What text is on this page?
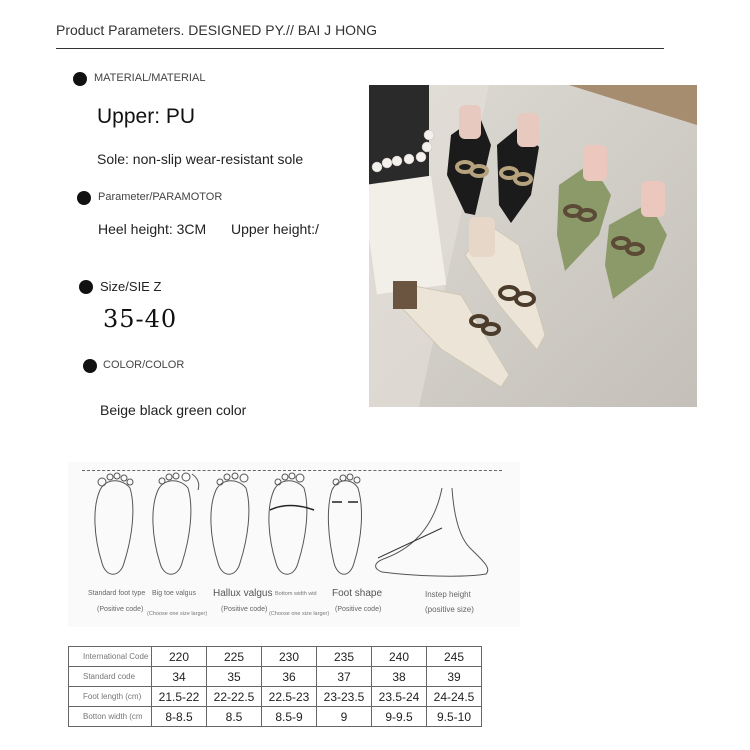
Product Parameters. DESIGNED PY.// BAI J HONG
MATERIAL/MATERIAL
Upper: PU
Sole: non-slip wear-resistant sole
Parameter/PARAMOTOR
Heel height: 3CM Upper height:/
Size/SIE Z
35-40
COLOR/COLOR
Beige black green color
Standard foot type
(Positive code)
Big toe valgus
(Choose one size larger)
Hallux valgus
(Positive code)
Bottom width wid
(Choose one size larger)
Foot shape
(Positive code)
Instep height
(positive size)
International Code	220	225	230	235	240	245
Standard code	34	35	36	37	38	39
Foot length (cm)	21.5-22	22-22.5	22.5-23	23-23.5	23.5-24	24-24.5
Botton width (cm	8-8.5	8.5	8.5-9	9	9-9.5	9.5-10
